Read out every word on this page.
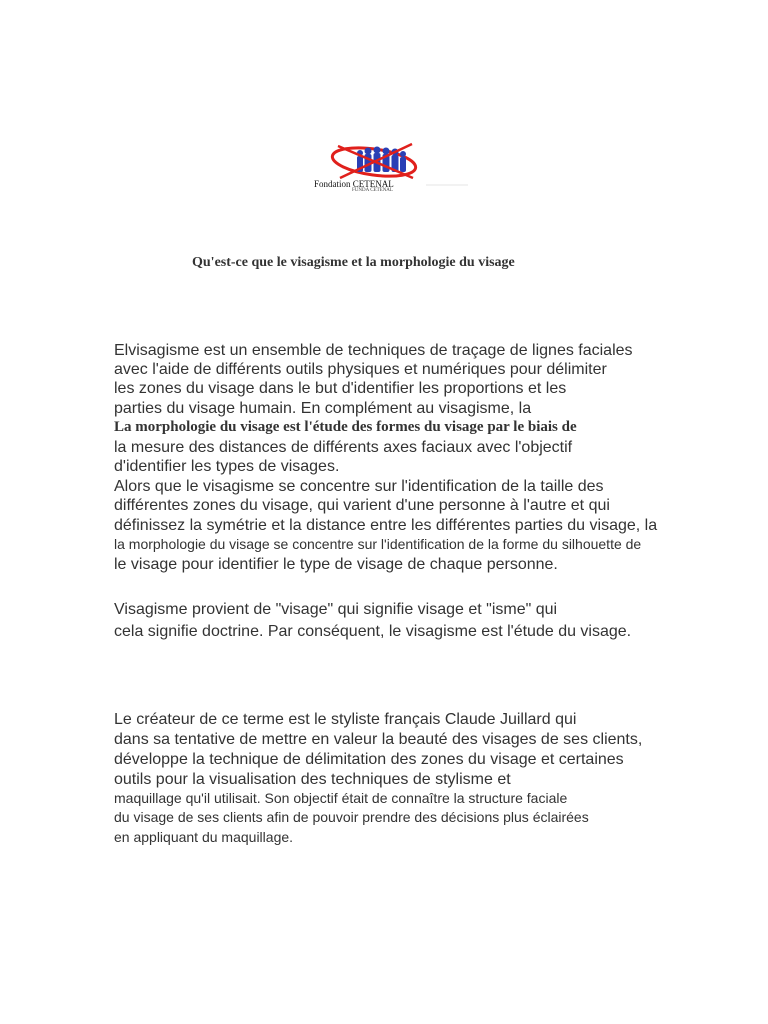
Fondation CETENAL
FUNDA CETENAL
Qu'est-ce que le visagisme et la morphologie du visage
Elvisagisme est un ensemble de techniques de traçage de lignes faciales
avec l'aide de différents outils physiques et numériques pour délimiter
les zones du visage dans le but d'identifier les proportions et les
parties du visage humain. En complément au visagisme, la
La morphologie du visage est l'étude des formes du visage par le biais de
la mesure des distances de différents axes faciaux avec l'objectif
d'identifier les types de visages.
Alors que le visagisme se concentre sur l'identification de la taille des
différentes zones du visage, qui varient d'une personne à l'autre et qui
définissez la symétrie et la distance entre les différentes parties du visage, la
la morphologie du visage se concentre sur l'identification de la forme du silhouette de
le visage pour identifier le type de visage de chaque personne.
Visagisme provient de "visage" qui signifie visage et "isme" qui
cela signifie doctrine. Par conséquent, le visagisme est l'étude du visage.
Le créateur de ce terme est le styliste français Claude Juillard qui
dans sa tentative de mettre en valeur la beauté des visages de ses clients,
développe la technique de délimitation des zones du visage et certaines
outils pour la visualisation des techniques de stylisme et
maquillage qu'il utilisait. Son objectif était de connaître la structure faciale
du visage de ses clients afin de pouvoir prendre des décisions plus éclairées
en appliquant du maquillage.
